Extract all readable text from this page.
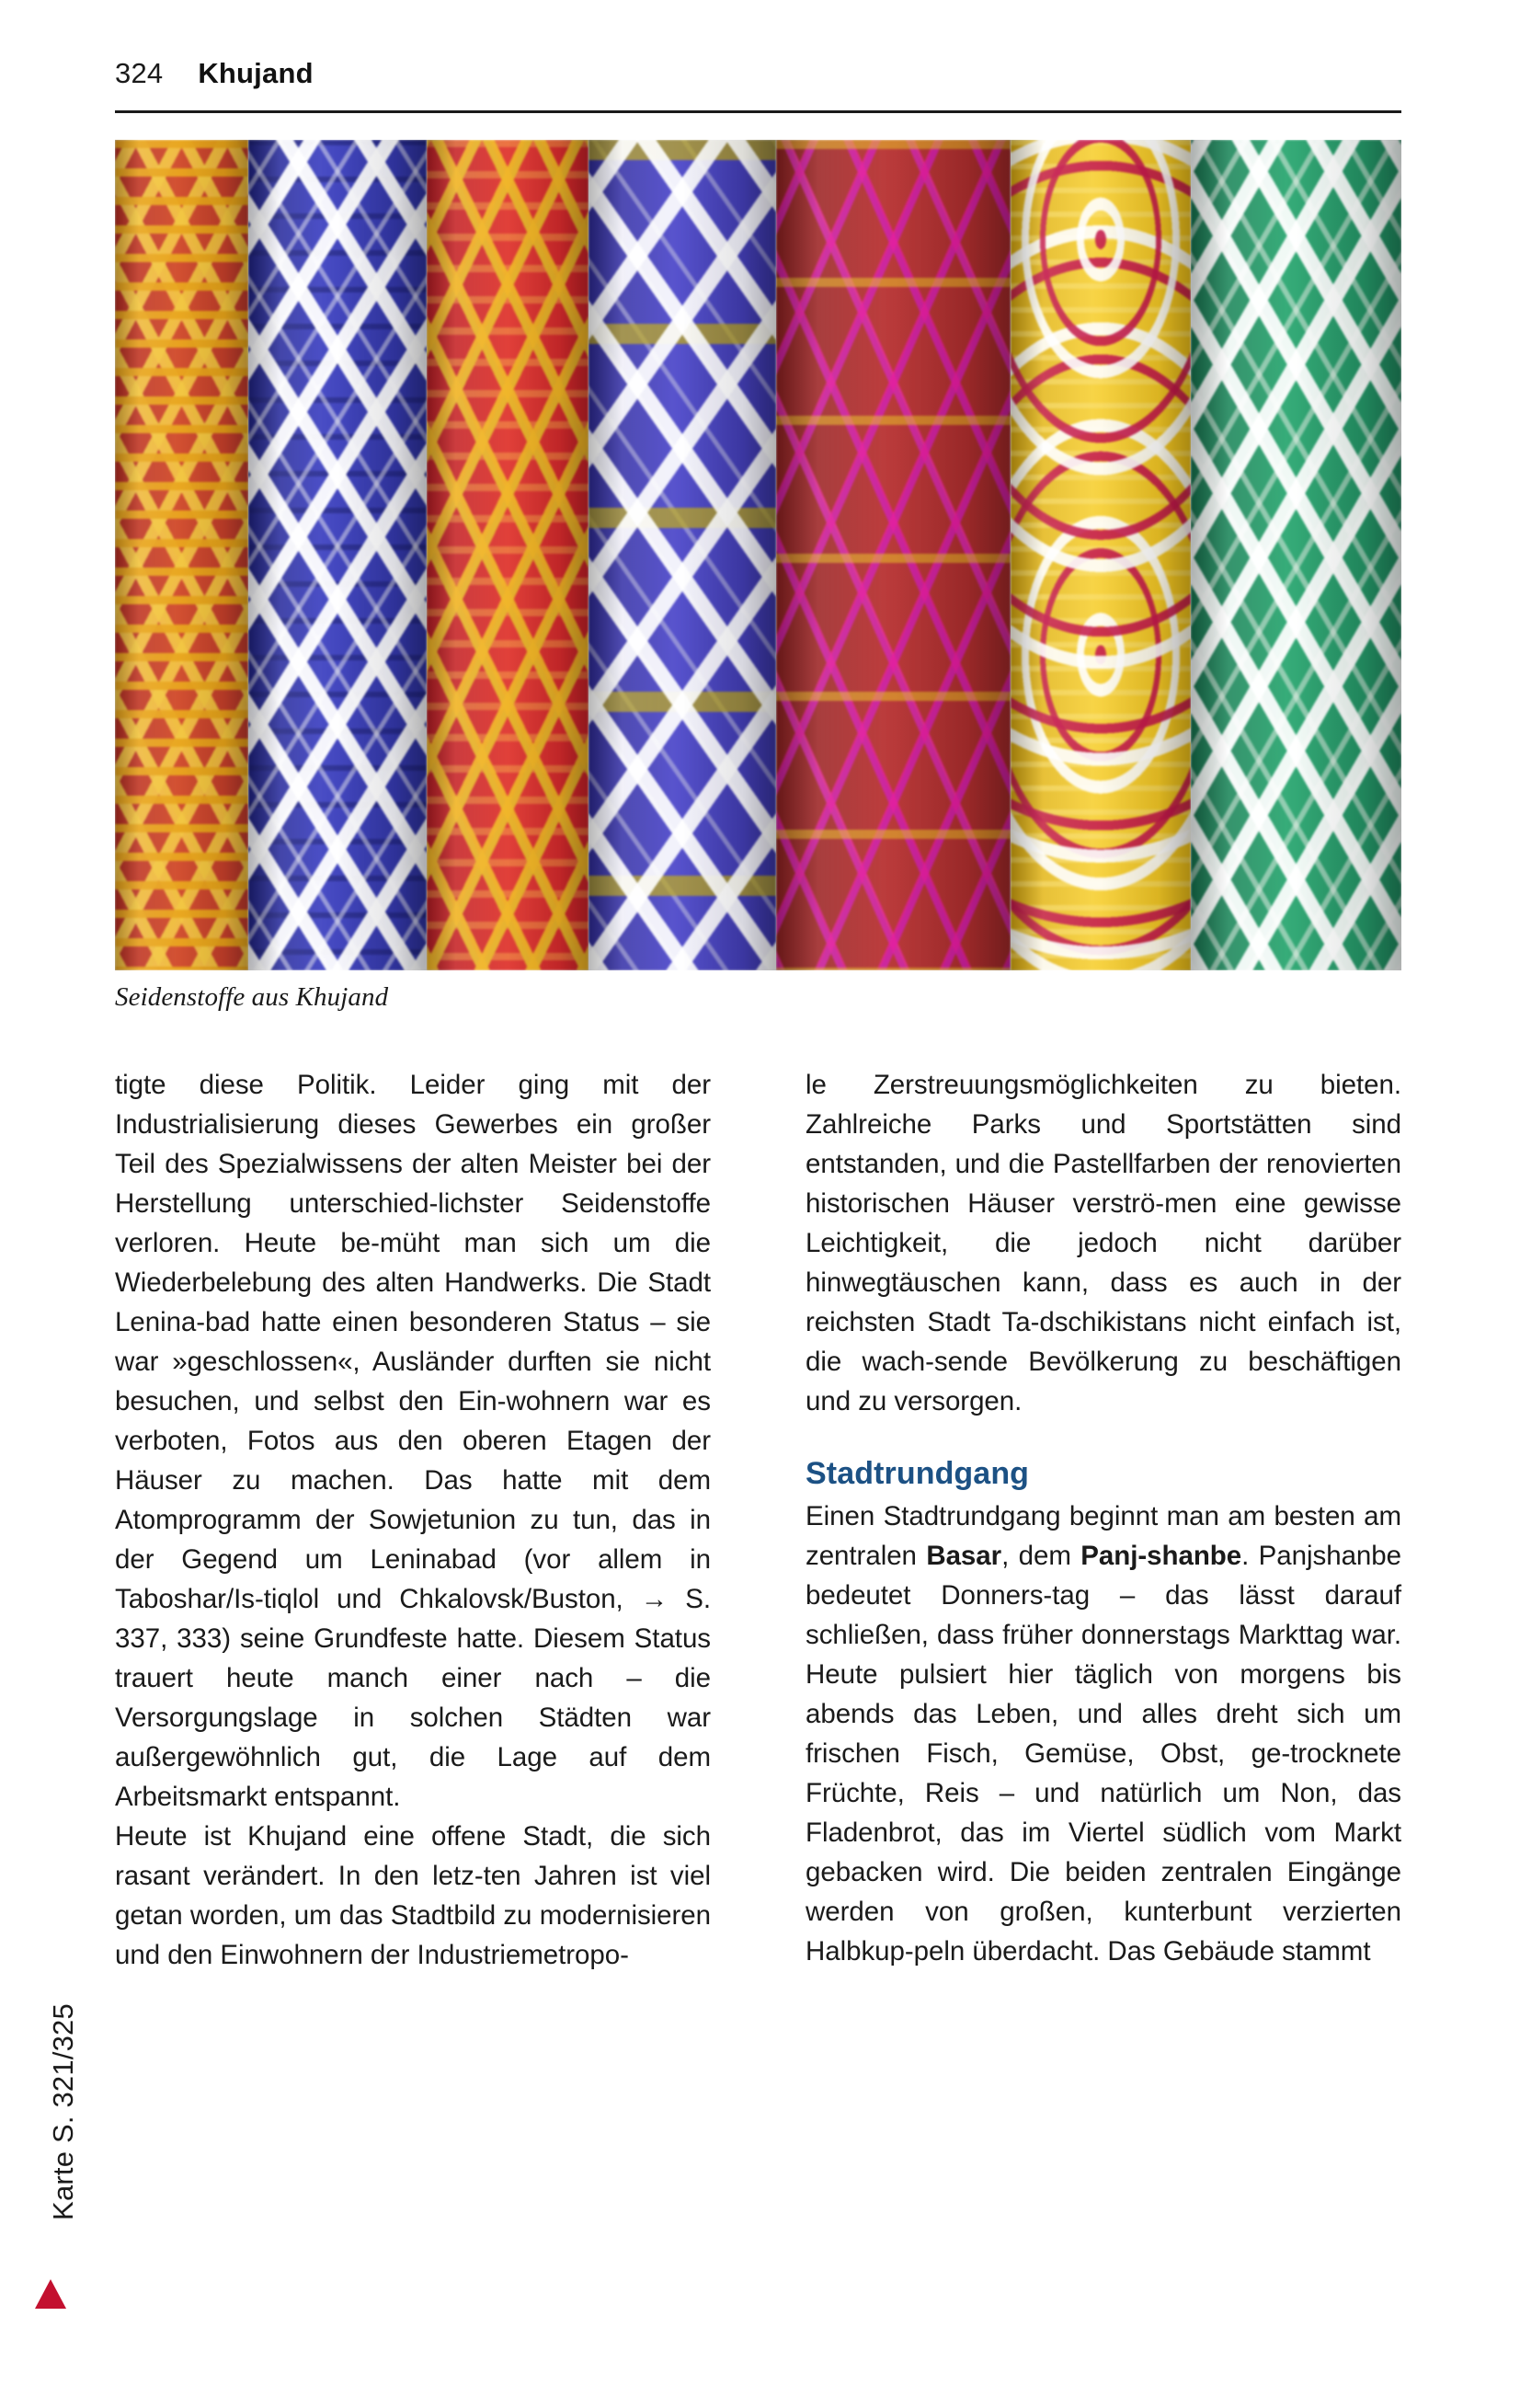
324 Khujand
Seidenstoffe aus Khujand

tigte diese Politik. Leider ging mit der Industrialisierung dieses Gewerbes ein großer Teil des Spezialwissens der alten Meister bei der Herstellung unterschied-lichster Seidenstoffe verloren. Heute be-müht man sich um die Wiederbelebung des alten Handwerks. Die Stadt Lenina-bad hatte einen besonderen Status – sie war »geschlossen«, Ausländer durften sie nicht besuchen, und selbst den Ein-wohnern war es verboten, Fotos aus den oberen Etagen der Häuser zu machen. Das hatte mit dem Atomprogramm der Sowjetunion zu tun, das in der Gegend um Leninabad (vor allem in Taboshar/Is-tiqlol und Chkalovsk/Buston, → S. 337, 333) seine Grundfeste hatte. Diesem Status trauert heute manch einer nach – die Versorgungslage in solchen Städten war außergewöhnlich gut, die Lage auf dem Arbeitsmarkt entspannt.

Heute ist Khujand eine offene Stadt, die sich rasant verändert. In den letz-ten Jahren ist viel getan worden, um das Stadtbild zu modernisieren und den Einwohnern der Industriemetropo-

le Zerstreuungsmöglichkeiten zu bieten. Zahlreiche Parks und Sportstätten sind entstanden, und die Pastellfarben der renovierten historischen Häuser verströ-men eine gewisse Leichtigkeit, die jedoch nicht darüber hinwegtäuschen kann, dass es auch in der reichsten Stadt Ta-dschikistans nicht einfach ist, die wach-sende Bevölkerung zu beschäftigen und zu versorgen.

Stadtrundgang

Einen Stadtrundgang beginnt man am besten am zentralen Basar, dem Panj-shanbe. Panjshanbe bedeutet Donners-tag – das lässt darauf schließen, dass früher donnerstags Markttag war. Heute pulsiert hier täglich von morgens bis abends das Leben, und alles dreht sich um frischen Fisch, Gemüse, Obst, ge-trocknete Früchte, Reis – und natürlich um Non, das Fladenbrot, das im Viertel südlich vom Markt gebacken wird. Die beiden zentralen Eingänge werden von großen, kunterbunt verzierten Halbkup-peln überdacht. Das Gebäude stammt

Karte S. 321/325
